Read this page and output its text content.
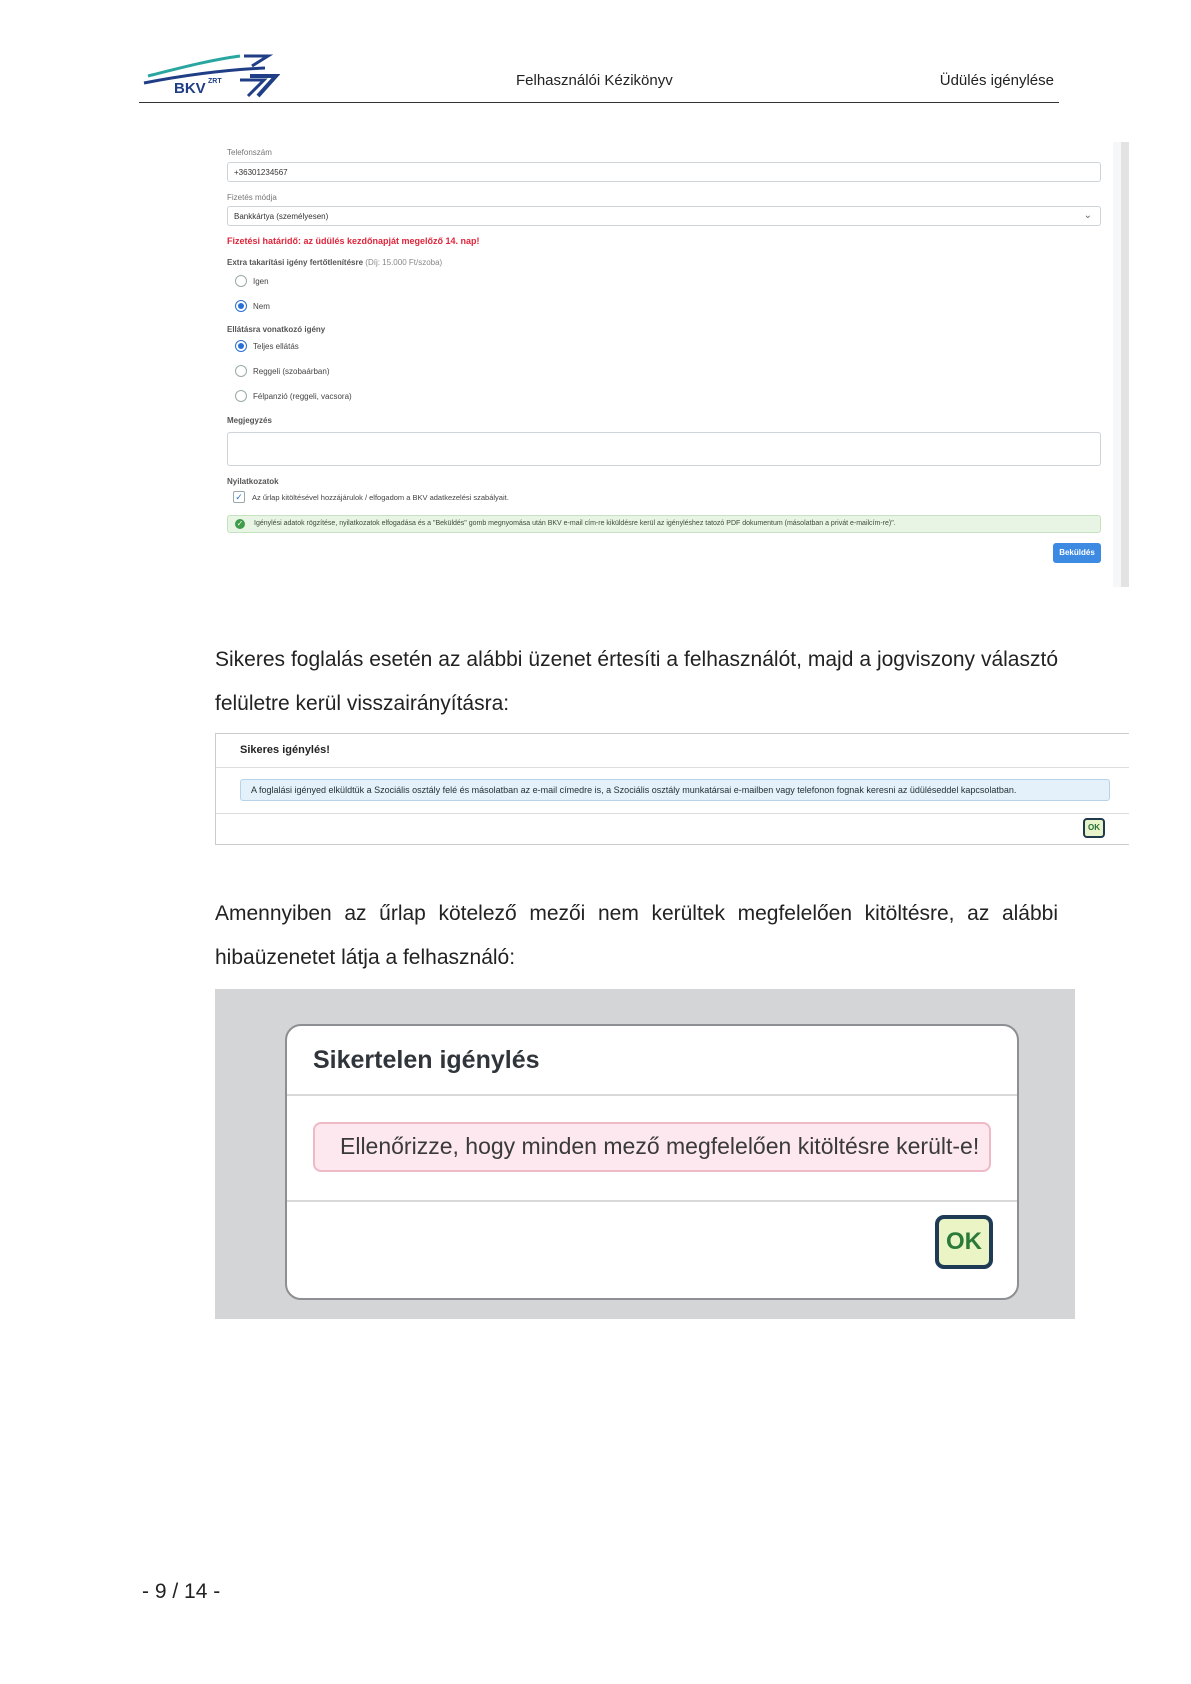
BKV ZRT	Felhasználói Kézikönyv	Üdülés igénylése
Telefonszám
+36301234567
Fizetés módja
Bankkártya (személyesen)	⌄
Fizetési határidő: az üdülés kezdőnapját megelőző 14. nap!
Extra takarítási igény fertőtlenítésre (Díj: 15.000 Ft/szoba)
Igen
Nem
Ellátásra vonatkozó igény
Teljes ellátás
Reggeli (szobaárban)
Félpanzió (reggeli, vacsora)
Megjegyzés
Nyilatkozatok
✓ Az űrlap kitöltésével hozzájárulok / elfogadom a BKV adatkezelési szabályait.
✓ Igénylési adatok rögzítése, nyilatkozatok elfogadása és a "Beküldés" gomb megnyomása után BKV e-mail cím-re kiküldésre kerül az igényléshez tatozó PDF dokumentum (másolatban a privát e-mailcím-re)".
Beküldés
Sikeres foglalás esetén az alábbi üzenet értesíti a felhasználót, majd a jogviszony választó felületre kerül visszairányításra:
Sikeres igénylés!
A foglalási igényed elküldtük a Szociális osztály felé és másolatban az e-mail címedre is, a Szociális osztály munkatársai e-mailben vagy telefonon fognak keresni az üdüléseddel kapcsolatban.
OK
Amennyiben az űrlap kötelező mezői nem kerültek megfelelően kitöltésre, az alábbi hibaüzenetet látja a felhasználó:
Sikertelen igénylés
Ellenőrizze, hogy minden mező megfelelően kitöltésre került-e!
OK
- 9 / 14 -
